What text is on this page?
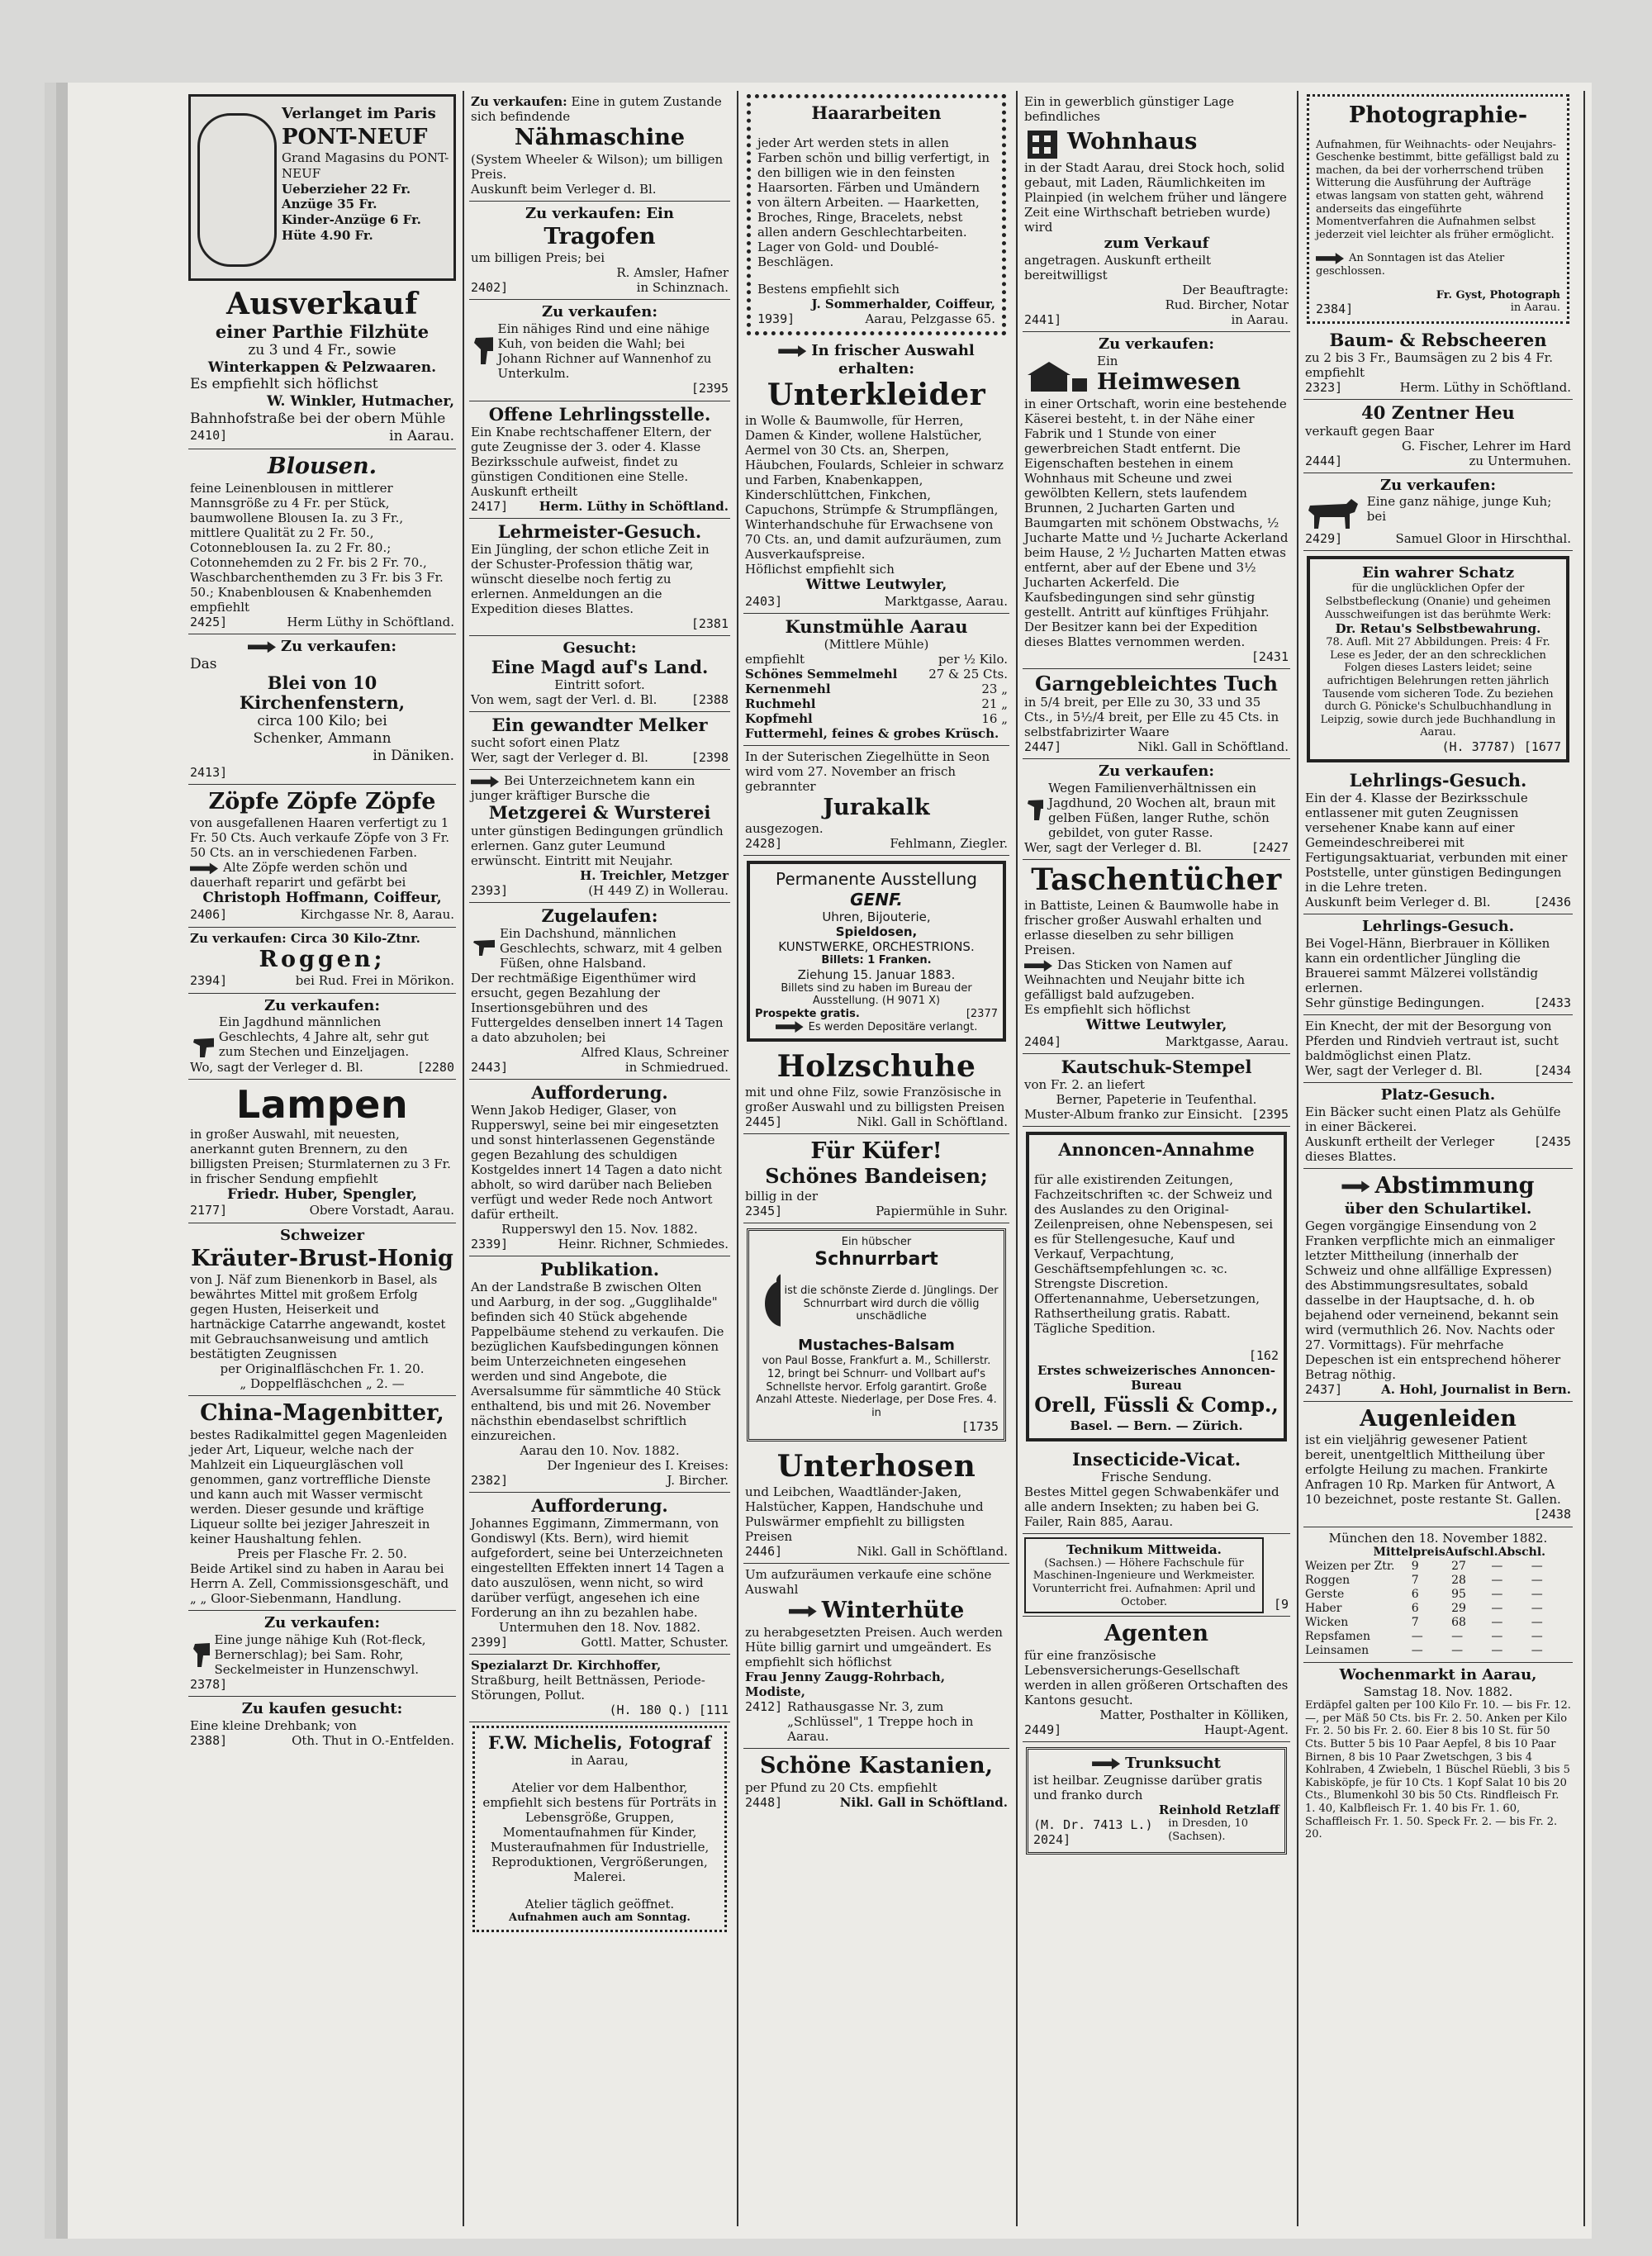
Verlanget im Paris
PONT-NEUF
Grand Magasins du PONT-NEUF
Ueberzieher 22 Fr.
Anzüge 35 Fr.
Kinder-Anzüge 6 Fr.
Hüte 4.90 Fr.
Ausverkauf
einer Parthie Filzhüte
zu 3 und 4 Fr., sowie
Winterkappen & Pelzwaaren.
Es empfiehlt sich höflichst
W. Winkler, Hutmacher,
Bahnhofstraße bei der obern Mühle
2410]	in Aarau.
Blousen.

feine Leinenblousen in mittlerer Mannsgröße zu 4 Fr. per Stück, baumwollene Blousen Ia. zu 3 Fr., mittlere Qualität zu 2 Fr. 50., Cotonneblousen Ia. zu 2 Fr. 80.; Cotonnehemden zu 2 Fr. bis 2 Fr. 70., Waschbarchenthemden zu 3 Fr. bis 3 Fr. 50.; Knabenblousen & Knabenhemden empfiehlt

2425]	Herm Lüthy in Schöftland.
Zu verkaufen:
Das
Blei von 10 Kirchenfenstern,
circa 100 Kilo; bei
Schenker, Ammann
in Däniken.
2413]
Zöpfe Zöpfe Zöpfe

von ausgefallenen Haaren verfertigt zu 1 Fr. 50 Cts. Auch verkaufe Zöpfe von 3 Fr. 50 Cts. an in verschiedenen Farben.

Alte Zöpfe werden schön und dauerhaft reparirt und gefärbt bei

Christoph Hoffmann, Coiffeur,
2406]	Kirchgasse Nr. 8, Aarau.
Zu verkaufen: Circa 30 Kilo-Ztnr.
Roggen;
2394]	bei Rud. Frei in Mörikon.
Zu verkaufen:

Ein Jagdhund männlichen Geschlechts, 4 Jahre alt, sehr gut zum Stechen und Einzeljagen.

Wo, sagt der Verleger d. Bl.	[2280
Lampen

in großer Auswahl, mit neuesten, anerkannt guten Brennern, zu den billigsten Preisen; Sturmlaternen zu 3 Fr. in frischer Sendung empfiehlt

Friedr. Huber, Spengler,
2177]	Obere Vorstadt, Aarau.
Schweizer
Kräuter-Brust-Honig

von J. Näf zum Bienenkorb in Basel, als bewährtes Mittel mit großem Erfolg gegen Husten, Heiserkeit und hartnäckige Catarrhe angewandt, kostet mit Gebrauchsanweisung und amtlich bestätigten Zeugnissen

per Originalfläschchen Fr. 1. 20.
„ Doppelfläschchen „ 2. —
China-Magenbitter,

bestes Radikalmittel gegen Magenleiden jeder Art, Liqueur, welche nach der Mahlzeit ein Liqueurgläschen voll genommen, ganz vortreffliche Dienste und kann auch mit Wasser vermischt werden. Dieser gesunde und kräftige Liqueur sollte bei jeziger Jahreszeit in keiner Haushaltung fehlen.

Preis per Flasche Fr. 2. 50.

Beide Artikel sind zu haben in Aarau bei Herrn A. Zell, Commissionsgeschäft, und

„ „ Gloor-Siebenmann, Handlung.
Zu verkaufen:

Eine junge nähige Kuh (Rot-fleck, Bernerschlag); bei Sam. Rohr, Seckelmeister in Hunzenschwyl.

2378]
Zu kaufen gesucht:
Eine kleine Drehbank; von
2388]	Oth. Thut in O.-Entfelden.
Zu verkaufen: Eine in gutem Zustande sich befindende
Nähmaschine
(System Wheeler & Wilson); um billigen Preis.
Auskunft beim Verleger d. Bl.
Zu verkaufen: Ein
Tragofen
um billigen Preis; bei
R. Amsler, Hafner
2402]	in Schinznach.
Zu verkaufen:

Ein nähiges Rind und eine nähige Kuh, von beiden die Wahl; bei Johann Richner auf Wannenhof zu Unterkulm.

[2395
Offene Lehrlingsstelle.

Ein Knabe rechtschaffener Eltern, der gute Zeugnisse der 3. oder 4. Klasse Bezirksschule aufweist, findet zu günstigen Conditionen eine Stelle. Auskunft ertheilt

2417]	Herm. Lüthy in Schöftland.
Lehrmeister-Gesuch.

Ein Jüngling, der schon etliche Zeit in der Schuster-Profession thätig war, wünscht dieselbe noch fertig zu erlernen. Anmeldungen an die Expedition dieses Blattes.

[2381
Gesucht:
Eine Magd auf's Land.
Eintritt sofort.
Von wem, sagt der Verl. d. Bl.	[2388
Ein gewandter Melker
sucht sofort einen Platz
Wer, sagt der Verleger d. Bl.	[2398

Bei Unterzeichnetem kann ein junger kräftiger Bursche die

Metzgerei & Wursterei

unter günstigen Bedingungen gründlich erlernen. Ganz guter Leumund erwünscht. Eintritt mit Neujahr.

H. Treichler, Metzger
2393]	(H 449 Z) in Wollerau.
Zugelaufen:

Ein Dachshund, männlichen Geschlechts, schwarz, mit 4 gelben Füßen, ohne Halsband.

Der rechtmäßige Eigenthümer wird ersucht, gegen Bezahlung der Insertionsgebühren und des Futtergeldes denselben innert 14 Tagen a dato abzuholen; bei

Alfred Klaus, Schreiner
2443]	in Schmiedrued.
Aufforderung.

Wenn Jakob Hediger, Glaser, von Rupperswyl, seine bei mir eingesetzten und sonst hinterlassenen Gegenstände gegen Bezahlung des schuldigen Kostgeldes innert 14 Tagen a dato nicht abholt, so wird darüber nach Belieben verfügt und weder Rede noch Antwort dafür ertheilt.

Rupperswyl den 15. Nov. 1882.
2339]	Heinr. Richner, Schmiedes.
Publikation.

An der Landstraße B zwischen Olten und Aarburg, in der sog. „Gugglihalde" befinden sich 40 Stück abgehende Pappelbäume stehend zu verkaufen. Die bezüglichen Kaufsbedingungen können beim Unterzeichneten eingesehen werden und sind Angebote, die Aversalsumme für sämmtliche 40 Stück enthaltend, bis und mit 26. November nächsthin ebendaselbst schriftlich einzureichen.

Aarau den 10. Nov. 1882.
Der Ingenieur des I. Kreises:
2382]	J. Bircher.
Aufforderung.

Johannes Eggimann, Zimmermann, von Gondiswyl (Kts. Bern), wird hiemit aufgefordert, seine bei Unterzeichneten eingestellten Effekten innert 14 Tagen a dato auszulösen, wenn nicht, so wird darüber verfügt, angesehen ich eine Forderung an ihn zu bezahlen habe.

Untermuhen den 18. Nov. 1882.
2399]	Gottl. Matter, Schuster.
Spezialarzt Dr. Kirchhoffer,
Straßburg, heilt Bettnässen, Periode-Störungen, Pollut.
(H. 180 Q.) [111
F.W. Michelis, Fotograf
in Aarau,

Atelier vor dem Halbenthor, empfiehlt sich bestens für Porträts in Lebensgröße, Gruppen, Momentaufnahmen für Kinder, Musteraufnahmen für Industrielle, Reproduktionen, Vergrößerungen, Malerei.

Atelier täglich geöffnet.
Aufnahmen auch am Sonntag.
Haararbeiten

jeder Art werden stets in allen Farben schön und billig verfertigt, in den billigen wie in den feinsten Haarsorten. Färben und Umändern von ältern Arbeiten. — Haarketten, Broches, Ringe, Bracelets, nebst allen andern Geschlechtarbeiten. Lager von Gold- und Doublé-Beschlägen.

Bestens empfiehlt sich
J. Sommerhalder, Coiffeur,
1939]	Aarau, Pelzgasse 65.
In frischer Auswahl erhalten:
Unterkleider

in Wolle & Baumwolle, für Herren, Damen & Kinder, wollene Halstücher, Aermel von 30 Cts. an, Sherpen, Häubchen, Foulards, Schleier in schwarz und Farben, Knabenkappen, Kinderschlüttchen, Finkchen, Capuchons, Strümpfe & Strumpflängen, Winterhandschuhe für Erwachsene von 70 Cts. an, und damit aufzuräumen, zum Ausverkaufspreise.

Höflichst empfiehlt sich
Wittwe Leutwyler,
2403]	Marktgasse, Aarau.
Kunstmühle Aarau
(Mittlere Mühle)
empfiehlt	per ½ Kilo.
Schönes Semmelmehl	27 & 25 Cts.
Kernenmehl	23 „
Ruchmehl	21 „
Kopfmehl	16 „
Futtermehl, feines & grobes Krüsch.

In der Suterischen Ziegelhütte in Seon wird vom 27. November an frisch gebrannter

Jurakalk
ausgezogen.
2428]	Fehlmann, Ziegler.
Permanente Ausstellung
GENF.
Uhren, Bijouterie,
Spieldosen,
KUNSTWERKE, ORCHESTRIONS.
Billets: 1 Franken.
Ziehung 15. Januar 1883.
Billets sind zu haben im Bureau der Ausstellung. (H 9071 X)
Prospekte gratis.	[2377
Es werden Depositäre verlangt.
Holzschuhe

mit und ohne Filz, sowie Französische in großer Auswahl und zu billigsten Preisen

2445]	Nikl. Gall in Schöftland.
Für Küfer!
Schönes Bandeisen;
billig in der
2345]	Papiermühle in Suhr.
Ein hübscher
Schnurrbart
ist die schönste Zierde d. Jünglings. Der Schnurrbart wird durch die völlig unschädliche
Mustaches-Balsam
von Paul Bosse, Frankfurt a. M., Schillerstr. 12, bringt bei Schnurr- und Vollbart auf's Schnellste hervor. Erfolg garantirt. Große Anzahl Atteste. Niederlage, per Dose Fres. 4. in
[1735
Unterhosen

und Leibchen, Waadtländer-Jaken, Halstücher, Kappen, Handschuhe und Pulswärmer empfiehlt zu billigsten Preisen

2446]	Nikl. Gall in Schöftland.
Um aufzuräumen verkaufe eine schöne Auswahl
Winterhüte

zu herabgesetzten Preisen. Auch werden Hüte billig garnirt und umgeändert. Es empfiehlt sich höflichst

Frau Jenny Zaugg-Rohrbach, Modiste,
2412] Rathausgasse Nr. 3, zum „Schlüssel", 1 Treppe hoch in Aarau.
Schöne Kastanien,
per Pfund zu 20 Cts. empfiehlt
2448]	Nikl. Gall in Schöftland.
Ein in gewerblich günstiger Lage befindliches
Wohnhaus

in der Stadt Aarau, drei Stock hoch, solid gebaut, mit Laden, Räumlichkeiten im Plainpied (in welchem früher und längere Zeit eine Wirthschaft betrieben wurde) wird

zum Verkauf

angetragen. Auskunft ertheilt bereitwilligst

Der Beauftragte:
Rud. Bircher, Notar
2441]	in Aarau.
Zu verkaufen:
Ein
Heimwesen

in einer Ortschaft, worin eine bestehende Käserei besteht, t. in der Nähe einer Fabrik und 1 Stunde von einer gewerbreichen Stadt entfernt. Die Eigenschaften bestehen in einem Wohnhaus mit Scheune und zwei gewölbten Kellern, stets laufendem Brunnen, 2 Jucharten Garten und Baumgarten mit schönem Obstwachs, ½ Jucharte Matte und ½ Jucharte Ackerland beim Hause, 2 ½ Jucharten Matten etwas entfernt, aber auf der Ebene und 3½ Jucharten Ackerfeld. Die Kaufsbedingungen sind sehr günstig gestellt. Antritt auf künftiges Frühjahr. Der Besitzer kann bei der Expedition dieses Blattes vernommen werden.

[2431
Garngebleichtes Tuch

in 5/4 breit, per Elle zu 30, 33 und 35 Cts., in 5½/4 breit, per Elle zu 45 Cts. in selbstfabrizirter Waare

2447]	Nikl. Gall in Schöftland.
Zu verkaufen:

Wegen Familienverhältnissen ein Jagdhund, 20 Wochen alt, braun mit gelben Füßen, langer Ruthe, schön gebildet, von guter Rasse.

Wer, sagt der Verleger d. Bl.	[2427
Taschentücher

in Battiste, Leinen & Baumwolle habe in frischer großer Auswahl erhalten und erlasse dieselben zu sehr billigen Preisen.

Das Sticken von Namen auf Weihnachten und Neujahr bitte ich gefälligst bald aufzugeben.

Es empfiehlt sich höflichst
Wittwe Leutwyler,
2404]	Marktgasse, Aarau.
Kautschuk-Stempel
von Fr. 2. an liefert
Berner, Papeterie in Teufenthal.
Muster-Album franko zur Einsicht. [2395
Annoncen-Annahme

für alle existirenden Zeitungen, Fachzeitschriften ꝛc. der Schweiz und des Auslandes zu den Original-Zeilenpreisen, ohne Nebenspesen, sei es für Stellengesuche, Kauf und Verkauf, Verpachtung, Geschäftsempfehlungen ꝛc. ꝛc. Strengste Discretion. Offertenannahme, Uebersetzungen, Rathsertheilung gratis. Rabatt. Tägliche Spedition.

[162
Erstes schweizerisches Annoncen-Bureau
Orell, Füssli & Comp.,
Basel. — Bern. — Zürich.
Insecticide-Vicat.
Frische Sendung.

Bestes Mittel gegen Schwabenkäfer und alle andern Insekten; zu haben bei G. Failer, Rain 885, Aarau.

Technikum Mittweida.
(Sachsen.) — Höhere Fachschule für Maschinen-Ingenieure und Werkmeister. Vorunterricht frei. Aufnahmen: April und October.	[9
Agenten

für eine französische Lebensversicherungs-Gesellschaft werden in allen größeren Ortschaften des Kantons gesucht.

Matter, Posthalter in Kölliken,
2449]	Haupt-Agent.
Trunksucht
ist heilbar. Zeugnisse darüber gratis und franko durch
Reinhold Retzlaff
(M. Dr. 7413 L.) 2024]
in Dresden, 10 (Sachsen).
Photographie-

Aufnahmen, für Weihnachts- oder Neujahrs-Geschenke bestimmt, bitte gefälligst bald zu machen, da bei der vorherrschend trüben Witterung die Ausführung der Aufträge etwas langsam von statten geht, während anderseits das eingeführte Momentverfahren die Aufnahmen selbst jederzeit viel leichter als früher ermöglicht.

An Sonntagen ist das Atelier geschlossen.

Fr. Gyst, Photograph
2384]	in Aarau.
Baum- & Rebscheeren
zu 2 bis 3 Fr., Baumsägen zu 2 bis 4 Fr. empfiehlt
2323]	Herm. Lüthy in Schöftland.
40 Zentner Heu
verkauft gegen Baar
G. Fischer, Lehrer im Hard
2444]	zu Untermuhen.
Zu verkaufen:

Eine ganz nähige, junge Kuh; bei

2429]	Samuel Gloor in Hirschthal.
Ein wahrer Schatz
für die unglücklichen Opfer der Selbstbefleckung (Onanie) und geheimen Ausschweifungen ist das berühmte Werk:
Dr. Retau's Selbstbewahrung.
78. Aufl. Mit 27 Abbildungen. Preis: 4 Fr. Lese es Jeder, der an den schrecklichen Folgen dieses Lasters leidet; seine aufrichtigen Belehrungen retten jährlich Tausende vom sicheren Tode. Zu beziehen durch G. Pönicke's Schulbuchhandlung in Leipzig, sowie durch jede Buchhandlung in Aarau.
(H. 37787) [1677
Lehrlings-Gesuch.

Ein der 4. Klasse der Bezirksschule entlassener mit guten Zeugnissen versehener Knabe kann auf einer Gemeindeschreiberei mit Fertigungsaktuariat, verbunden mit einer Poststelle, unter günstigen Bedingungen in die Lehre treten.

Auskunft beim Verleger d. Bl.	[2436
Lehrlings-Gesuch.

Bei Vogel-Hänn, Bierbrauer in Kölliken kann ein ordentlicher Jüngling die Brauerei sammt Mälzerei vollständig erlernen.

Sehr günstige Bedingungen.	[2433

Ein Knecht, der mit der Besorgung von Pferden und Rindvieh vertraut ist, sucht baldmöglichst einen Platz.

Wer, sagt der Verleger d. Bl.	[2434
Platz-Gesuch.

Ein Bäcker sucht einen Platz als Gehülfe in einer Bäckerei.

Auskunft ertheilt der Verleger dieses Blattes.
[2435
Abstimmung
über den Schulartikel.

Gegen vorgängige Einsendung von 2 Franken verpflichte mich an einmaliger letzter Mittheilung (innerhalb der Schweiz und ohne allfällige Expressen) des Abstimmungsresultates, sobald dasselbe in der Hauptsache, d. h. ob bejahend oder verneinend, bekannt sein wird (vermuthlich 26. Nov. Nachts oder 27. Vormittags). Für mehrfache Depeschen ist ein entsprechend höherer Betrag nöthig.

2437]	A. Hohl, Journalist in Bern.
Augenleiden

ist ein vieljährig gewesener Patient bereit, unentgeltlich Mittheilung über erfolgte Heilung zu machen. Frankirte Anfragen 10 Rp. Marken für Antwort, A 10 bezeichnet, poste restante St. Gallen.

[2438
München den 18. November 1882.
Mittelpreis Aufschl. Abschl.
Weizen per Ztr.	9	27	—	—
Roggen	7	28	—	—
Gerste	6	95	—	—
Haber	6	29	—	—
Wicken	7	68	—	—
Repsfamen	—	—	—	—
Leinsamen	—	—	—	—
Wochenmarkt in Aarau,
Samstag 18. Nov. 1882.

Erdäpfel galten per 100 Kilo Fr. 10. — bis Fr. 12. —, per Mäß 50 Cts. bis Fr. 2. 50. Anken per Kilo Fr. 2. 50 bis Fr. 2. 60. Eier 8 bis 10 St. für 50 Cts. Butter 5 bis 10 Paar Aepfel, 8 bis 10 Paar Birnen, 8 bis 10 Paar Zwetschgen, 3 bis 4 Kohlraben, 4 Zwiebeln, 1 Büschel Rüebli, 3 bis 5 Kabisköpfe, je für 10 Cts. 1 Kopf Salat 10 bis 20 Cts., Blumenkohl 30 bis 50 Cts. Rindfleisch Fr. 1. 40, Kalbfleisch Fr. 1. 40 bis Fr. 1. 60, Schaffleisch Fr. 1. 50. Speck Fr. 2. — bis Fr. 2. 20.
